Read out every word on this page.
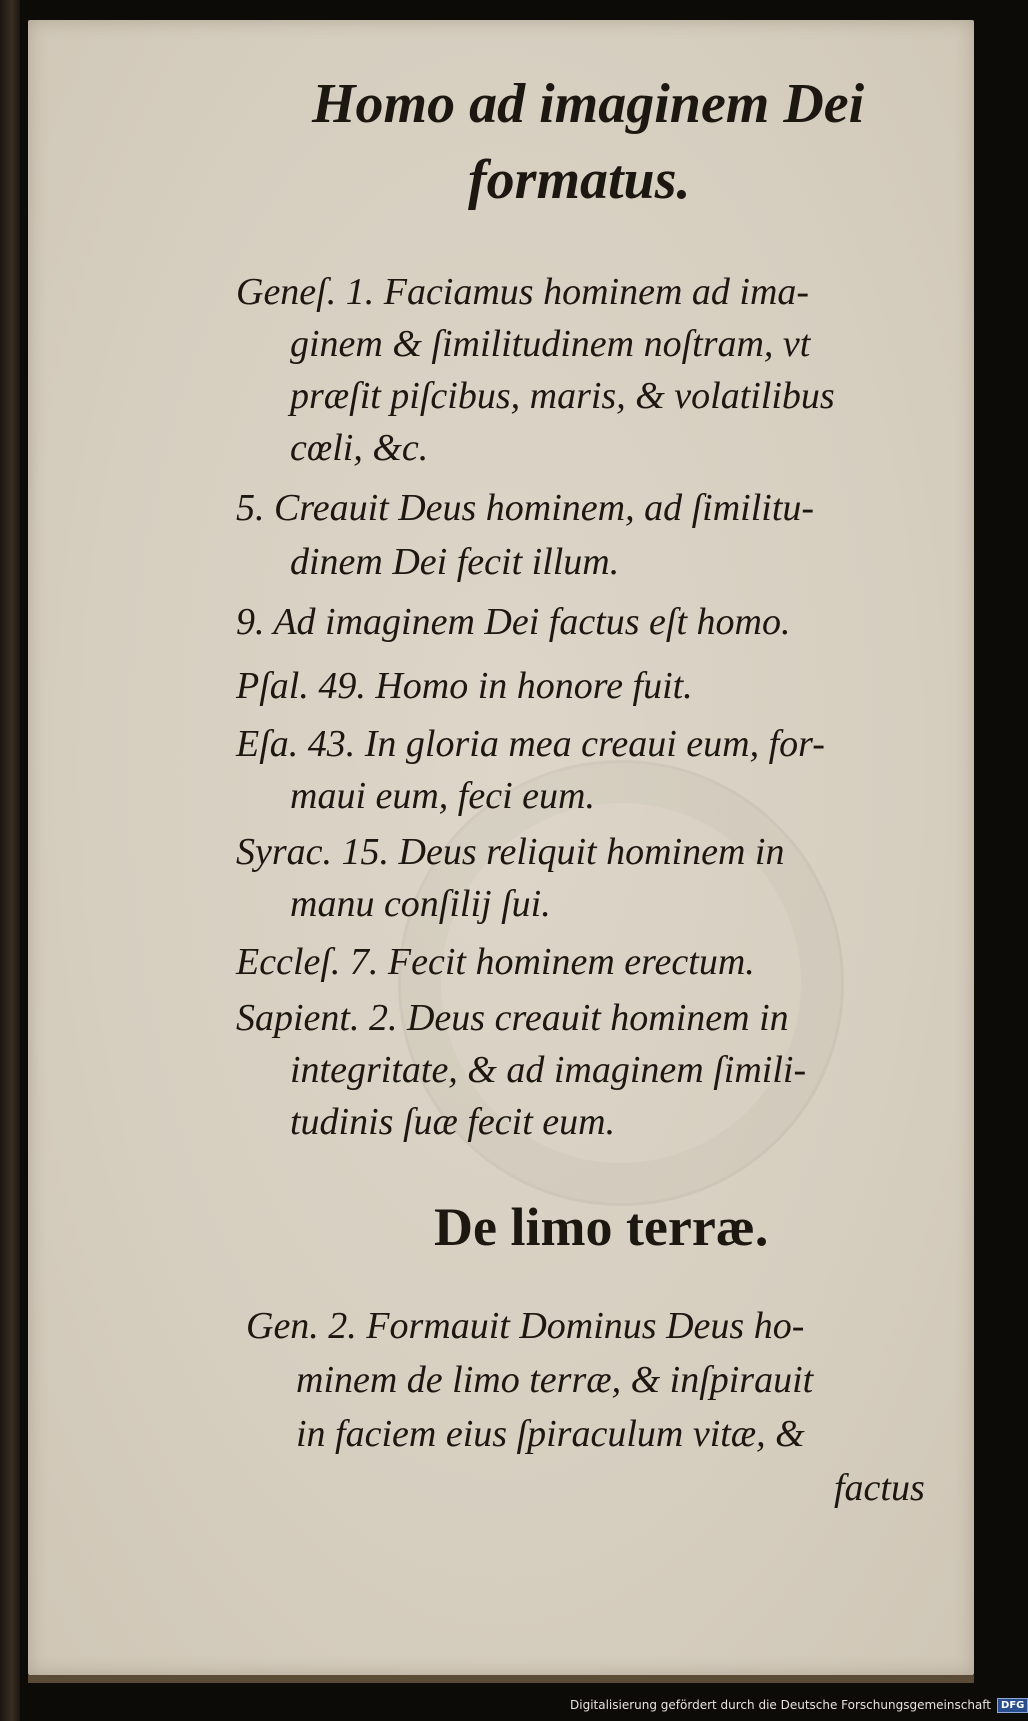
Homo ad imaginem Dei
formatus.

Geneſ. 1. Faciamus hominem ad ima-

ginem & ſimilitudinem noſtram, vt

præſit piſcibus, maris, & volatilibus

cœli, &c.

5. Creauit Deus hominem, ad ſimilitu-

dinem Dei fecit illum.

9. Ad imaginem Dei factus eſt homo.

Pſal. 49. Homo in honore fuit.

Eſa. 43. In gloria mea creaui eum, for-

maui eum, feci eum.

Syrac. 15. Deus reliquit hominem in

manu conſilij ſui.

Eccleſ. 7. Fecit hominem erectum.

Sapient. 2. Deus creauit hominem in

integritate, & ad imaginem ſimili-

tudinis ſuæ fecit eum.

De limo terræ.

Gen. 2. Formauit Dominus Deus ho-

minem de limo terræ, & inſpirauit

in faciem eius ſpiraculum vitæ, &

factus

Digitalisierung gefördert durch die Deutsche Forschungsgemeinschaft	DFG
